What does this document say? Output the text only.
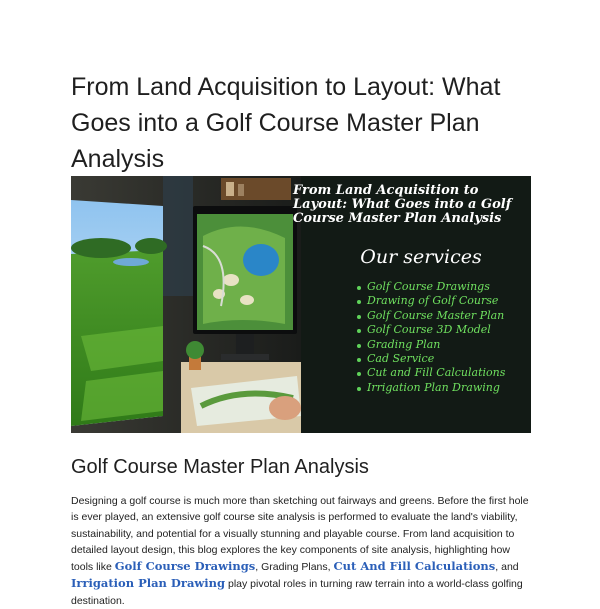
From Land Acquisition to Layout: What Goes into a Golf Course Master Plan Analysis

From Land Acquisition to Layout: What Goes into a Golf Course Master Plan Analysis

Our services

Golf Course Drawings
Drawing of Golf Course
Golf Course Master Plan
Golf Course 3D Model
Grading Plan
Cad Service
Cut and Fill Calculations
Irrigation Plan Drawing
Golf Course Master Plan Analysis

Designing a golf course is much more than sketching out fairways and greens. Before the first hole is ever played, an extensive golf course site analysis is performed to evaluate the land's viability, sustainability, and potential for a visually stunning and playable course. From land acquisition to detailed layout design, this blog explores the key components of site analysis, highlighting how tools like Golf Course Drawings, Grading Plans, Cut And Fill Calculations, and Irrigation Plan Drawing play pivotal roles in turning raw terrain into a world-class golfing destination.
